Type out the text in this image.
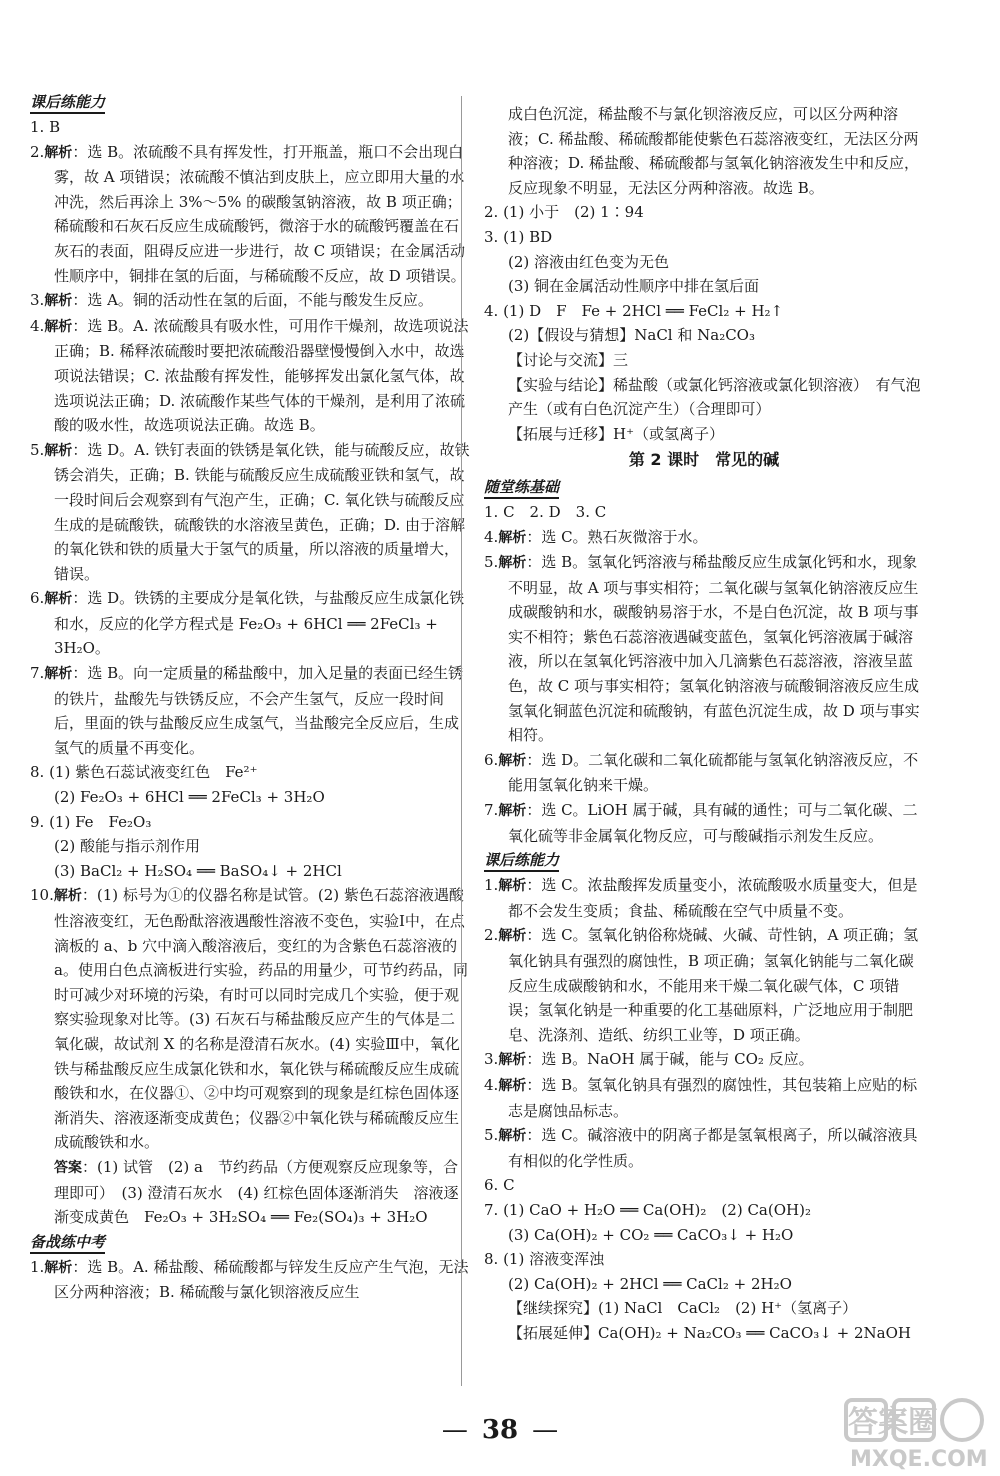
课后练能力
1. B
2.解析：选 B。浓硫酸不具有挥发性，打开瓶盖，瓶口不会出现白雾，故 A 项错误；浓硫酸不慎沾到皮肤上，应立即用大量的水冲洗，然后再涂上 3%～5% 的碳酸氢钠溶液，故 B 项正确；稀硫酸和石灰石反应生成硫酸钙，微溶于水的硫酸钙覆盖在石灰石的表面，阻碍反应进一步进行，故 C 项错误；在金属活动性顺序中，铜排在氢的后面，与稀硫酸不反应，故 D 项错误。
3.解析：选 A。铜的活动性在氢的后面，不能与酸发生反应。
4.解析：选 B。A. 浓硫酸具有吸水性，可用作干燥剂，故选项说法正确；B. 稀释浓硫酸时要把浓硫酸沿器壁慢慢倒入水中，故选项说法错误；C. 浓盐酸有挥发性，能够挥发出氯化氢气体，故选项说法正确；D. 浓硫酸作某些气体的干燥剂，是利用了浓硫酸的吸水性，故选项说法正确。故选 B。
5.解析：选 D。A. 铁钉表面的铁锈是氧化铁，能与硫酸反应，故铁锈会消失，正确；B. 铁能与硫酸反应生成硫酸亚铁和氢气，故一段时间后会观察到有气泡产生，正确；C. 氧化铁与硫酸反应生成的是硫酸铁，硫酸铁的水溶液呈黄色，正确；D. 由于溶解的氧化铁和铁的质量大于氢气的质量，所以溶液的质量增大，错误。
6.解析：选 D。铁锈的主要成分是氧化铁，与盐酸反应生成氯化铁和水，反应的化学方程式是 Fe₂O₃ + 6HCl ══ 2FeCl₃ + 3H₂O。
7.解析：选 B。向一定质量的稀盐酸中，加入足量的表面已经生锈的铁片，盐酸先与铁锈反应，不会产生氢气，反应一段时间后，里面的铁与盐酸反应生成氢气，当盐酸完全反应后，生成氢气的质量不再变化。
8. (1) 紫色石蕊试液变红色　Fe²⁺
(2) Fe₂O₃ + 6HCl ══ 2FeCl₃ + 3H₂O
9. (1) Fe　Fe₂O₃
(2) 酸能与指示剂作用
(3) BaCl₂ + H₂SO₄ ══ BaSO₄↓ + 2HCl
10.解析：(1) 标号为①的仪器名称是试管。(2) 紫色石蕊溶液遇酸性溶液变红，无色酚酞溶液遇酸性溶液不变色，实验Ⅰ中，在点滴板的 a、b 穴中滴入酸溶液后，变红的为含紫色石蕊溶液的 a。使用白色点滴板进行实验，药品的用量少，可节约药品，同时可减少对环境的污染，有时可以同时完成几个实验，便于观察实验现象对比等。(3) 石灰石与稀盐酸反应产生的气体是二氧化碳，故试剂 X 的名称是澄清石灰水。(4) 实验Ⅲ中，氧化铁与稀盐酸反应生成氯化铁和水，氧化铁与稀硫酸反应生成硫酸铁和水，在仪器①、②中均可观察到的现象是红棕色固体逐渐消失、溶液逐渐变成黄色；仪器②中氧化铁与稀硫酸反应生成硫酸铁和水。
答案：(1) 试管　(2) a　节约药品（方便观察反应现象等，合理即可）　(3) 澄清石灰水　(4) 红棕色固体逐渐消失　溶液逐渐变成黄色　Fe₂O₃ + 3H₂SO₄ ══ Fe₂(SO₄)₃ + 3H₂O
备战练中考
1.解析：选 B。A. 稀盐酸、稀硫酸都与锌发生反应产生气泡，无法区分两种溶液；B. 稀硫酸与氯化钡溶液反应生
成白色沉淀，稀盐酸不与氯化钡溶液反应，可以区分两种溶液；C. 稀盐酸、稀硫酸都能使紫色石蕊溶液变红，无法区分两种溶液；D. 稀盐酸、稀硫酸都与氢氧化钠溶液发生中和反应，反应现象不明显，无法区分两种溶液。故选 B。
2. (1) 小于　(2) 1∶94
3. (1) BD
(2) 溶液由红色变为无色
(3) 铜在金属活动性顺序中排在氢后面
4. (1) D　F　Fe + 2HCl ══ FeCl₂ + H₂↑
(2)【假设与猜想】NaCl 和 Na₂CO₃
【讨论与交流】三
【实验与结论】稀盐酸（或氯化钙溶液或氯化钡溶液）　有气泡产生（或有白色沉淀产生）（合理即可）
【拓展与迁移】H⁺（或氢离子）
第 2 课时　常见的碱
随堂练基础
1. C　2. D　3. C
4.解析：选 C。熟石灰微溶于水。
5.解析：选 B。氢氧化钙溶液与稀盐酸反应生成氯化钙和水，现象不明显，故 A 项与事实相符；二氧化碳与氢氧化钠溶液反应生成碳酸钠和水，碳酸钠易溶于水，不是白色沉淀，故 B 项与事实不相符；紫色石蕊溶液遇碱变蓝色，氢氧化钙溶液属于碱溶液，所以在氢氧化钙溶液中加入几滴紫色石蕊溶液，溶液呈蓝色，故 C 项与事实相符；氢氧化钠溶液与硫酸铜溶液反应生成氢氧化铜蓝色沉淀和硫酸钠，有蓝色沉淀生成，故 D 项与事实相符。
6.解析：选 D。二氧化碳和二氧化硫都能与氢氧化钠溶液反应，不能用氢氧化钠来干燥。
7.解析：选 C。LiOH 属于碱，具有碱的通性；可与二氧化碳、二氧化硫等非金属氧化物反应，可与酸碱指示剂发生反应。
课后练能力
1.解析：选 C。浓盐酸挥发质量变小，浓硫酸吸水质量变大，但是都不会发生变质；食盐、稀硫酸在空气中质量不变。
2.解析：选 C。氢氧化钠俗称烧碱、火碱、苛性钠，A 项正确；氢氧化钠具有强烈的腐蚀性，B 项正确；氢氧化钠能与二氧化碳反应生成碳酸钠和水，不能用来干燥二氧化碳气体，C 项错误；氢氧化钠是一种重要的化工基础原料，广泛地应用于制肥皂、洗涤剂、造纸、纺织工业等，D 项正确。
3.解析：选 B。NaOH 属于碱，能与 CO₂ 反应。
4.解析：选 B。氢氧化钠具有强烈的腐蚀性，其包装箱上应贴的标志是腐蚀品标志。
5.解析：选 C。碱溶液中的阴离子都是氢氧根离子，所以碱溶液具有相似的化学性质。
6. C
7. (1) CaO + H₂O ══ Ca(OH)₂　(2) Ca(OH)₂
(3) Ca(OH)₂ + CO₂ ══ CaCO₃↓ + H₂O
8. (1) 溶液变浑浊
(2) Ca(OH)₂ + 2HCl ══ CaCl₂ + 2H₂O
【继续探究】(1) NaCl　CaCl₂　(2) H⁺（氢离子）
【拓展延伸】Ca(OH)₂ + Na₂CO₃ ══ CaCO₃↓ + 2NaOH
— 38 —	答案圈
MXQE.COM
